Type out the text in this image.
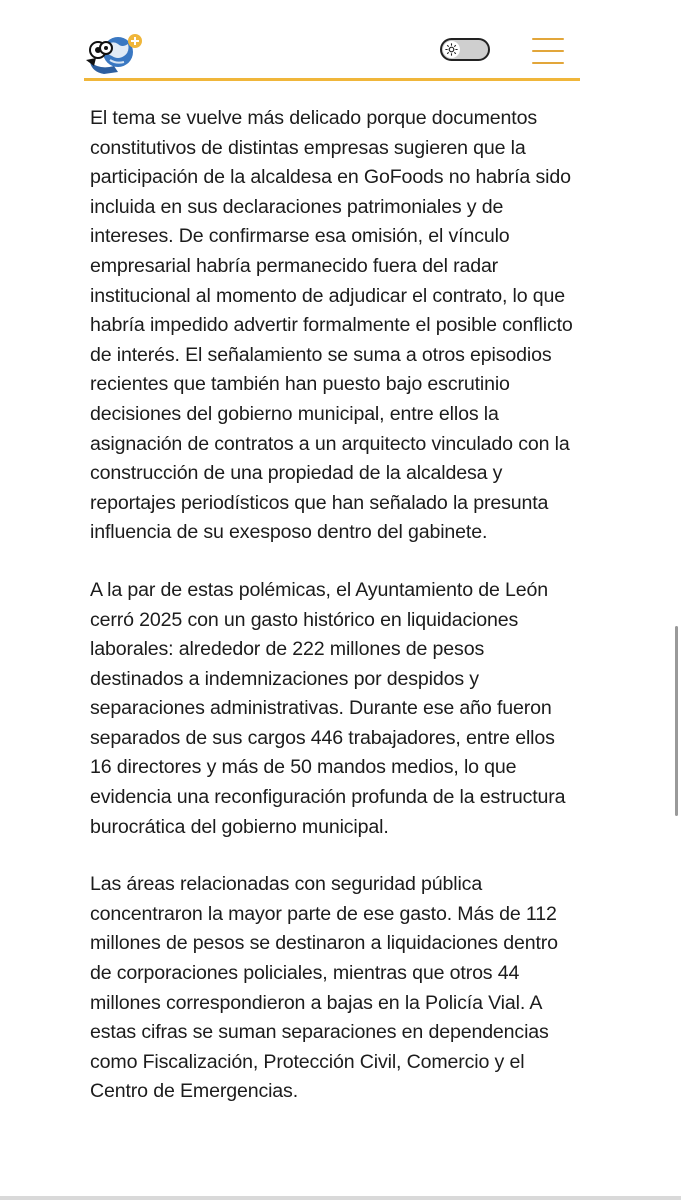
El tema se vuelve más delicado porque documentos constitutivos de distintas empresas sugieren que la participación de la alcaldesa en GoFoods no habría sido incluida en sus declaraciones patrimoniales y de intereses. De confirmarse esa omisión, el vínculo empresarial habría permanecido fuera del radar institucional al momento de adjudicar el contrato, lo que habría impedido advertir formalmente el posible conflicto de interés. El señalamiento se suma a otros episodios recientes que también han puesto bajo escrutinio decisiones del gobierno municipal, entre ellos la asignación de contratos a un arquitecto vinculado con la construcción de una propiedad de la alcaldesa y reportajes periodísticos que han señalado la presunta influencia de su exesposo dentro del gabinete.

A la par de estas polémicas, el Ayuntamiento de León cerró 2025 con un gasto histórico en liquidaciones laborales: alrededor de 222 millones de pesos destinados a indemnizaciones por despidos y separaciones administrativas. Durante ese año fueron separados de sus cargos 446 trabajadores, entre ellos 16 directores y más de 50 mandos medios, lo que evidencia una reconfiguración profunda de la estructura burocrática del gobierno municipal.

Las áreas relacionadas con seguridad pública concentraron la mayor parte de ese gasto. Más de 112 millones de pesos se destinaron a liquidaciones dentro de corporaciones policiales, mientras que otros 44 millones correspondieron a bajas en la Policía Vial. A estas cifras se suman separaciones en dependencias como Fiscalización, Protección Civil, Comercio y el Centro de Emergencias.
